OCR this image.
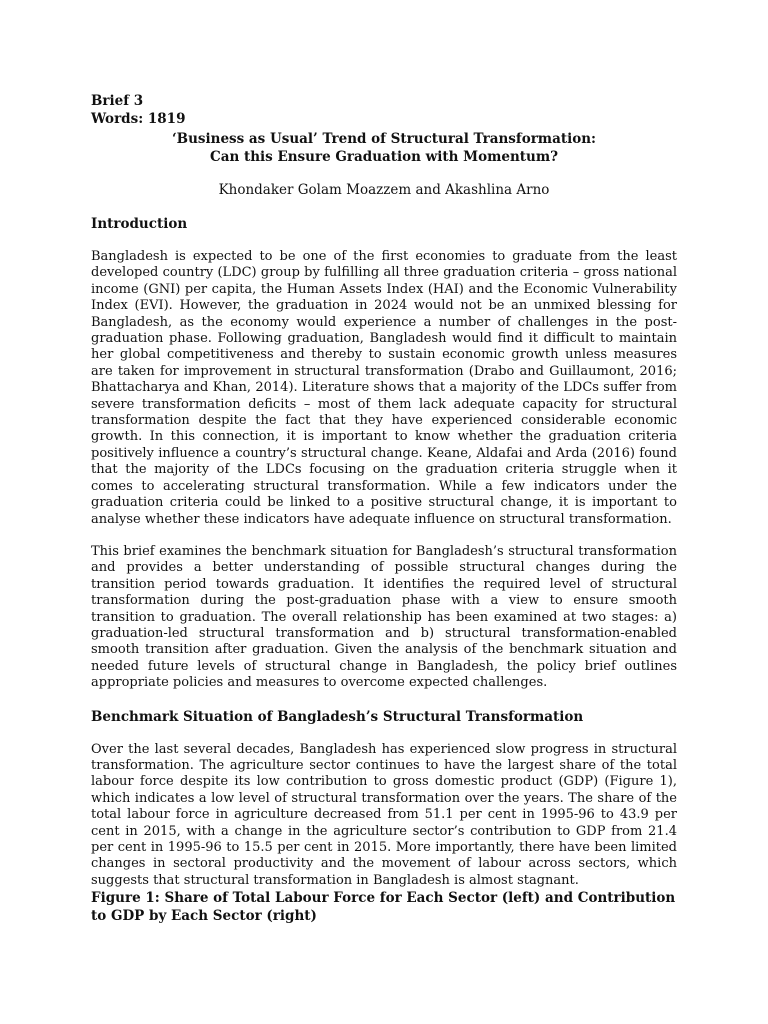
Brief 3

Words: 1819

‘Business as Usual’ Trend of Structural Transformation:
Can this Ensure Graduation with Momentum?

Khondaker Golam Moazzem and Akashlina Arno

Introduction

Bangladesh is expected to be one of the first economies to graduate from the least developed country (LDC) group by fulfilling all three graduation criteria – gross national income (GNI) per capita, the Human Assets Index (HAI) and the Economic Vulnerability Index (EVI). However, the graduation in 2024 would not be an unmixed blessing for Bangladesh, as the economy would experience a number of challenges in the post-graduation phase. Following graduation, Bangladesh would find it difficult to maintain her global competitiveness and thereby to sustain economic growth unless measures are taken for improvement in structural transformation (Drabo and Guillaumont, 2016; Bhattacharya and Khan, 2014). Literature shows that a majority of the LDCs suffer from severe transformation deficits – most of them lack adequate capacity for structural transformation despite the fact that they have experienced considerable economic growth. In this connection, it is important to know whether the graduation criteria positively influence a country’s structural change. Keane, Aldafai and Arda (2016) found that the majority of the LDCs focusing on the graduation criteria struggle when it comes to accelerating structural transformation. While a few indicators under the graduation criteria could be linked to a positive structural change, it is important to analyse whether these indicators have adequate influence on structural transformation.

This brief examines the benchmark situation for Bangladesh’s structural transformation and provides a better understanding of possible structural changes during the transition period towards graduation. It identifies the required level of structural transformation during the post-graduation phase with a view to ensure smooth transition to graduation. The overall relationship has been examined at two stages: a) graduation-led structural transformation and b) structural transformation-enabled smooth transition after graduation. Given the analysis of the benchmark situation and needed future levels of structural change in Bangladesh, the policy brief outlines appropriate policies and measures to overcome expected challenges.

Benchmark Situation of Bangladesh’s Structural Transformation

Over the last several decades, Bangladesh has experienced slow progress in structural transformation. The agriculture sector continues to have the largest share of the total labour force despite its low contribution to gross domestic product (GDP) (Figure 1), which indicates a low level of structural transformation over the years. The share of the total labour force in agriculture decreased from 51.1 per cent in 1995-96 to 43.9 per cent in 2015, with a change in the agriculture sector’s contribution to GDP from 21.4 per cent in 1995-96 to 15.5 per cent in 2015. More importantly, there have been limited changes in sectoral productivity and the movement of labour across sectors, which suggests that structural transformation in Bangladesh is almost stagnant.

Figure 1: Share of Total Labour Force for Each Sector (left) and Contribution to GDP by Each Sector (right)
